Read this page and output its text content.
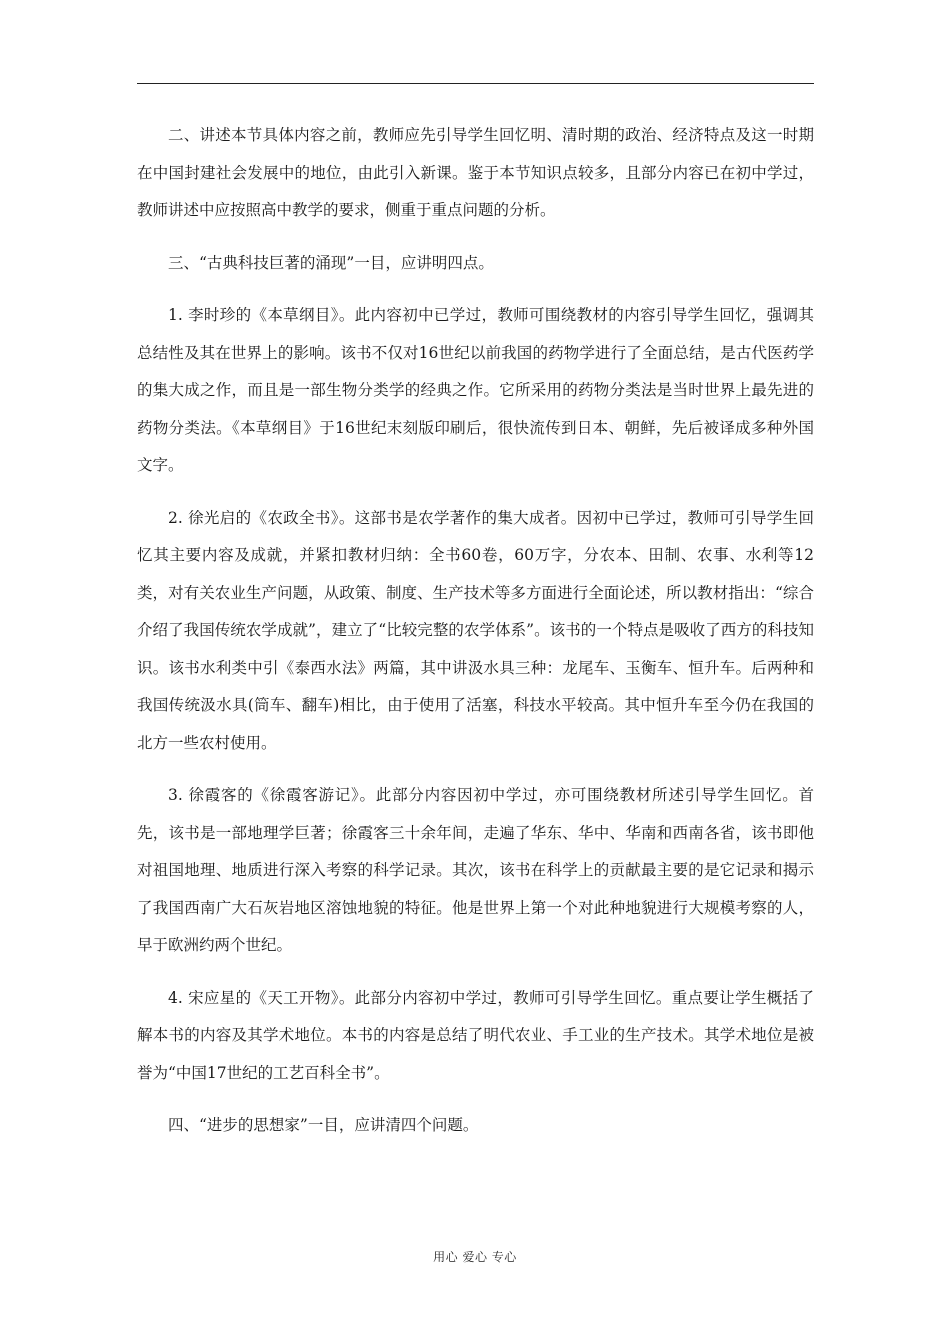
二、讲述本节具体内容之前，教师应先引导学生回忆明、清时期的政治、经济特点及这一时期在中国封建社会发展中的地位，由此引入新课。鉴于本节知识点较多，且部分内容已在初中学过，教师讲述中应按照高中教学的要求，侧重于重点问题的分析。

三、“古典科技巨著的涌现”一目，应讲明四点。

1. 李时珍的《本草纲目》。此内容初中已学过，教师可围绕教材的内容引导学生回忆，强调其总结性及其在世界上的影响。该书不仅对16世纪以前我国的药物学进行了全面总结，是古代医药学的集大成之作，而且是一部生物分类学的经典之作。它所采用的药物分类法是当时世界上最先进的药物分类法。《本草纲目》于16世纪末刻版印刷后，很快流传到日本、朝鲜，先后被译成多种外国文字。

2. 徐光启的《农政全书》。这部书是农学著作的集大成者。因初中已学过，教师可引导学生回忆其主要内容及成就，并紧扣教材归纳：全书60卷，60万字，分农本、田制、农事、水利等12类，对有关农业生产问题，从政策、制度、生产技术等多方面进行全面论述，所以教材指出：“综合介绍了我国传统农学成就”，建立了“比较完整的农学体系”。该书的一个特点是吸收了西方的科技知识。该书水利类中引《泰西水法》两篇，其中讲汲水具三种：龙尾车、玉衡车、恒升车。后两种和我国传统汲水具(筒车、翻车)相比，由于使用了活塞，科技水平较高。其中恒升车至今仍在我国的北方一些农村使用。

3. 徐霞客的《徐霞客游记》。此部分内容因初中学过，亦可围绕教材所述引导学生回忆。首先，该书是一部地理学巨著；徐霞客三十余年间，走遍了华东、华中、华南和西南各省，该书即他对祖国地理、地质进行深入考察的科学记录。其次，该书在科学上的贡献最主要的是它记录和揭示了我国西南广大石灰岩地区溶蚀地貌的特征。他是世界上第一个对此种地貌进行大规模考察的人，早于欧洲约两个世纪。

4. 宋应星的《天工开物》。此部分内容初中学过，教师可引导学生回忆。重点要让学生概括了解本书的内容及其学术地位。本书的内容是总结了明代农业、手工业的生产技术。其学术地位是被誉为“中国17世纪的工艺百科全书”。

四、“进步的思想家”一目，应讲清四个问题。

用心 爱心 专心
